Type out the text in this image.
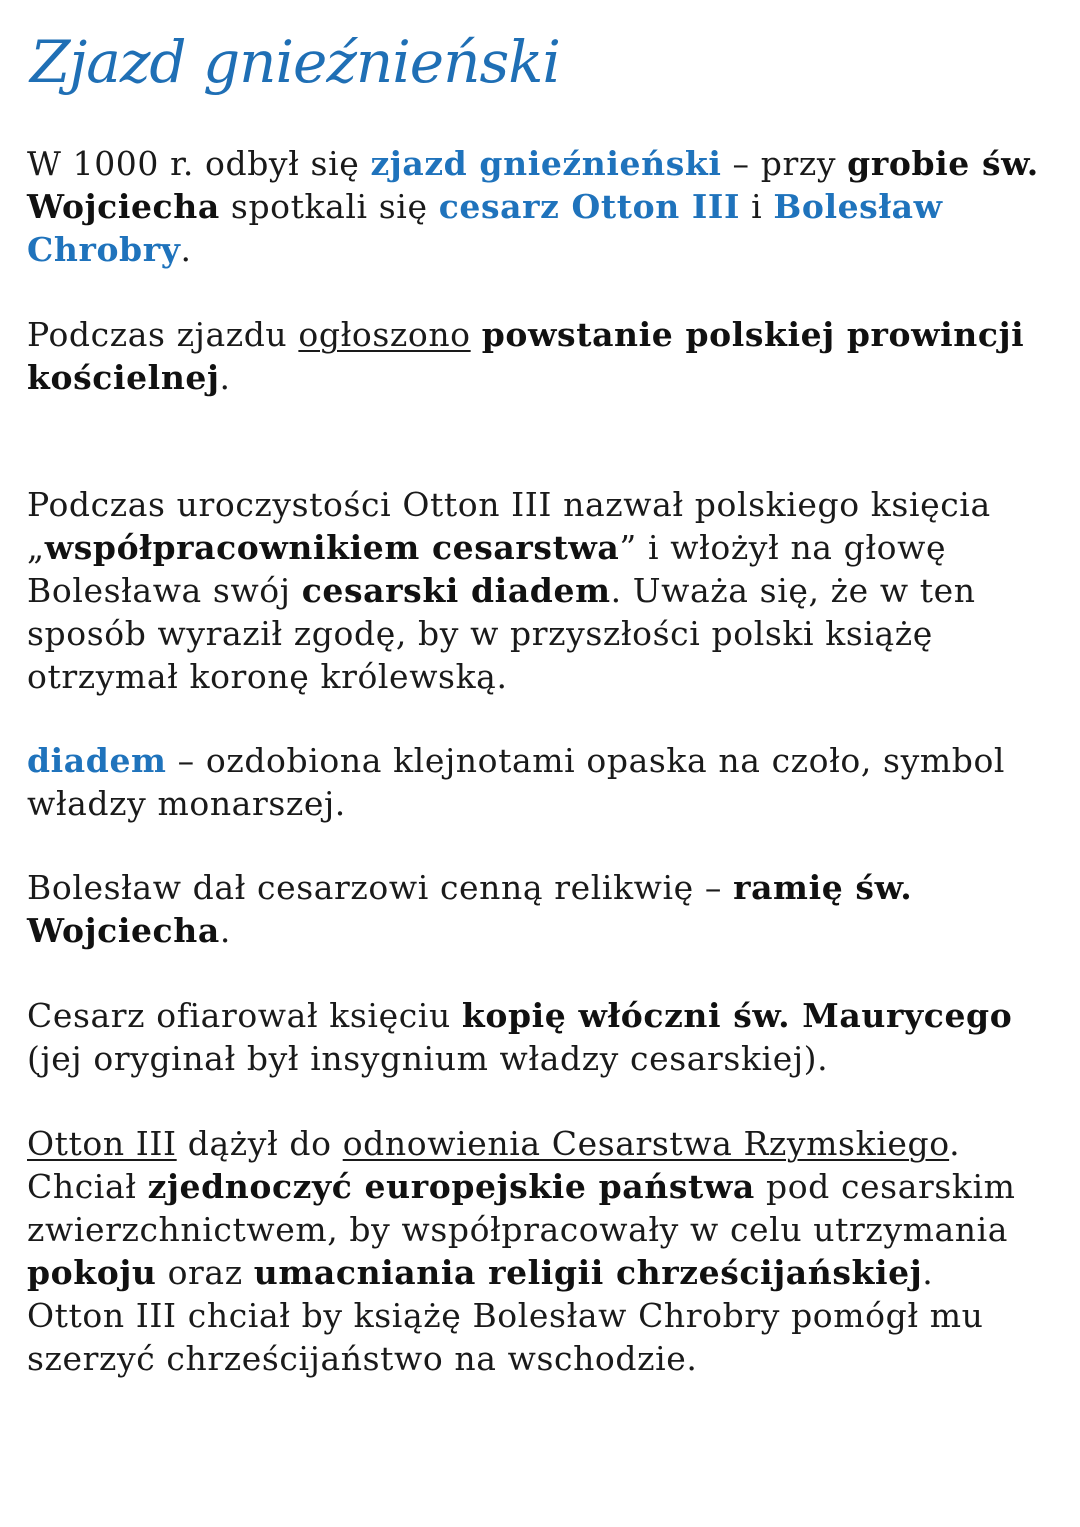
Zjazd gnieźnieński

W 1000 r. odbył się zjazd gnieźnieński – przy grobie św.
Wojciecha spotkali się cesarz Otton III i Bolesław
Chrobry.

Podczas zjazdu ogłoszono powstanie polskiej prowincji
kościelnej.

Podczas uroczystości Otton III nazwał polskiego księcia
„współpracownikiem cesarstwa” i włożył na głowę
Bolesława swój cesarski diadem. Uważa się, że w ten
sposób wyraził zgodę, by w przyszłości polski książę
otrzymał koronę królewską.

diadem – ozdobiona klejnotami opaska na czoło, symbol
władzy monarszej.

Bolesław dał cesarzowi cenną relikwię – ramię św.
Wojciecha.

Cesarz ofiarował księciu kopię włóczni św. Maurycego
(jej oryginał był insygnium władzy cesarskiej).

Otton III dążył do odnowienia Cesarstwa Rzymskiego.
Chciał zjednoczyć europejskie państwa pod cesarskim
zwierzchnictwem, by współpracowały w celu utrzymania
pokoju oraz umacniania religii chrześcijańskiej.
Otton III chciał by książę Bolesław Chrobry pomógł mu
szerzyć chrześcijaństwo na wschodzie.
